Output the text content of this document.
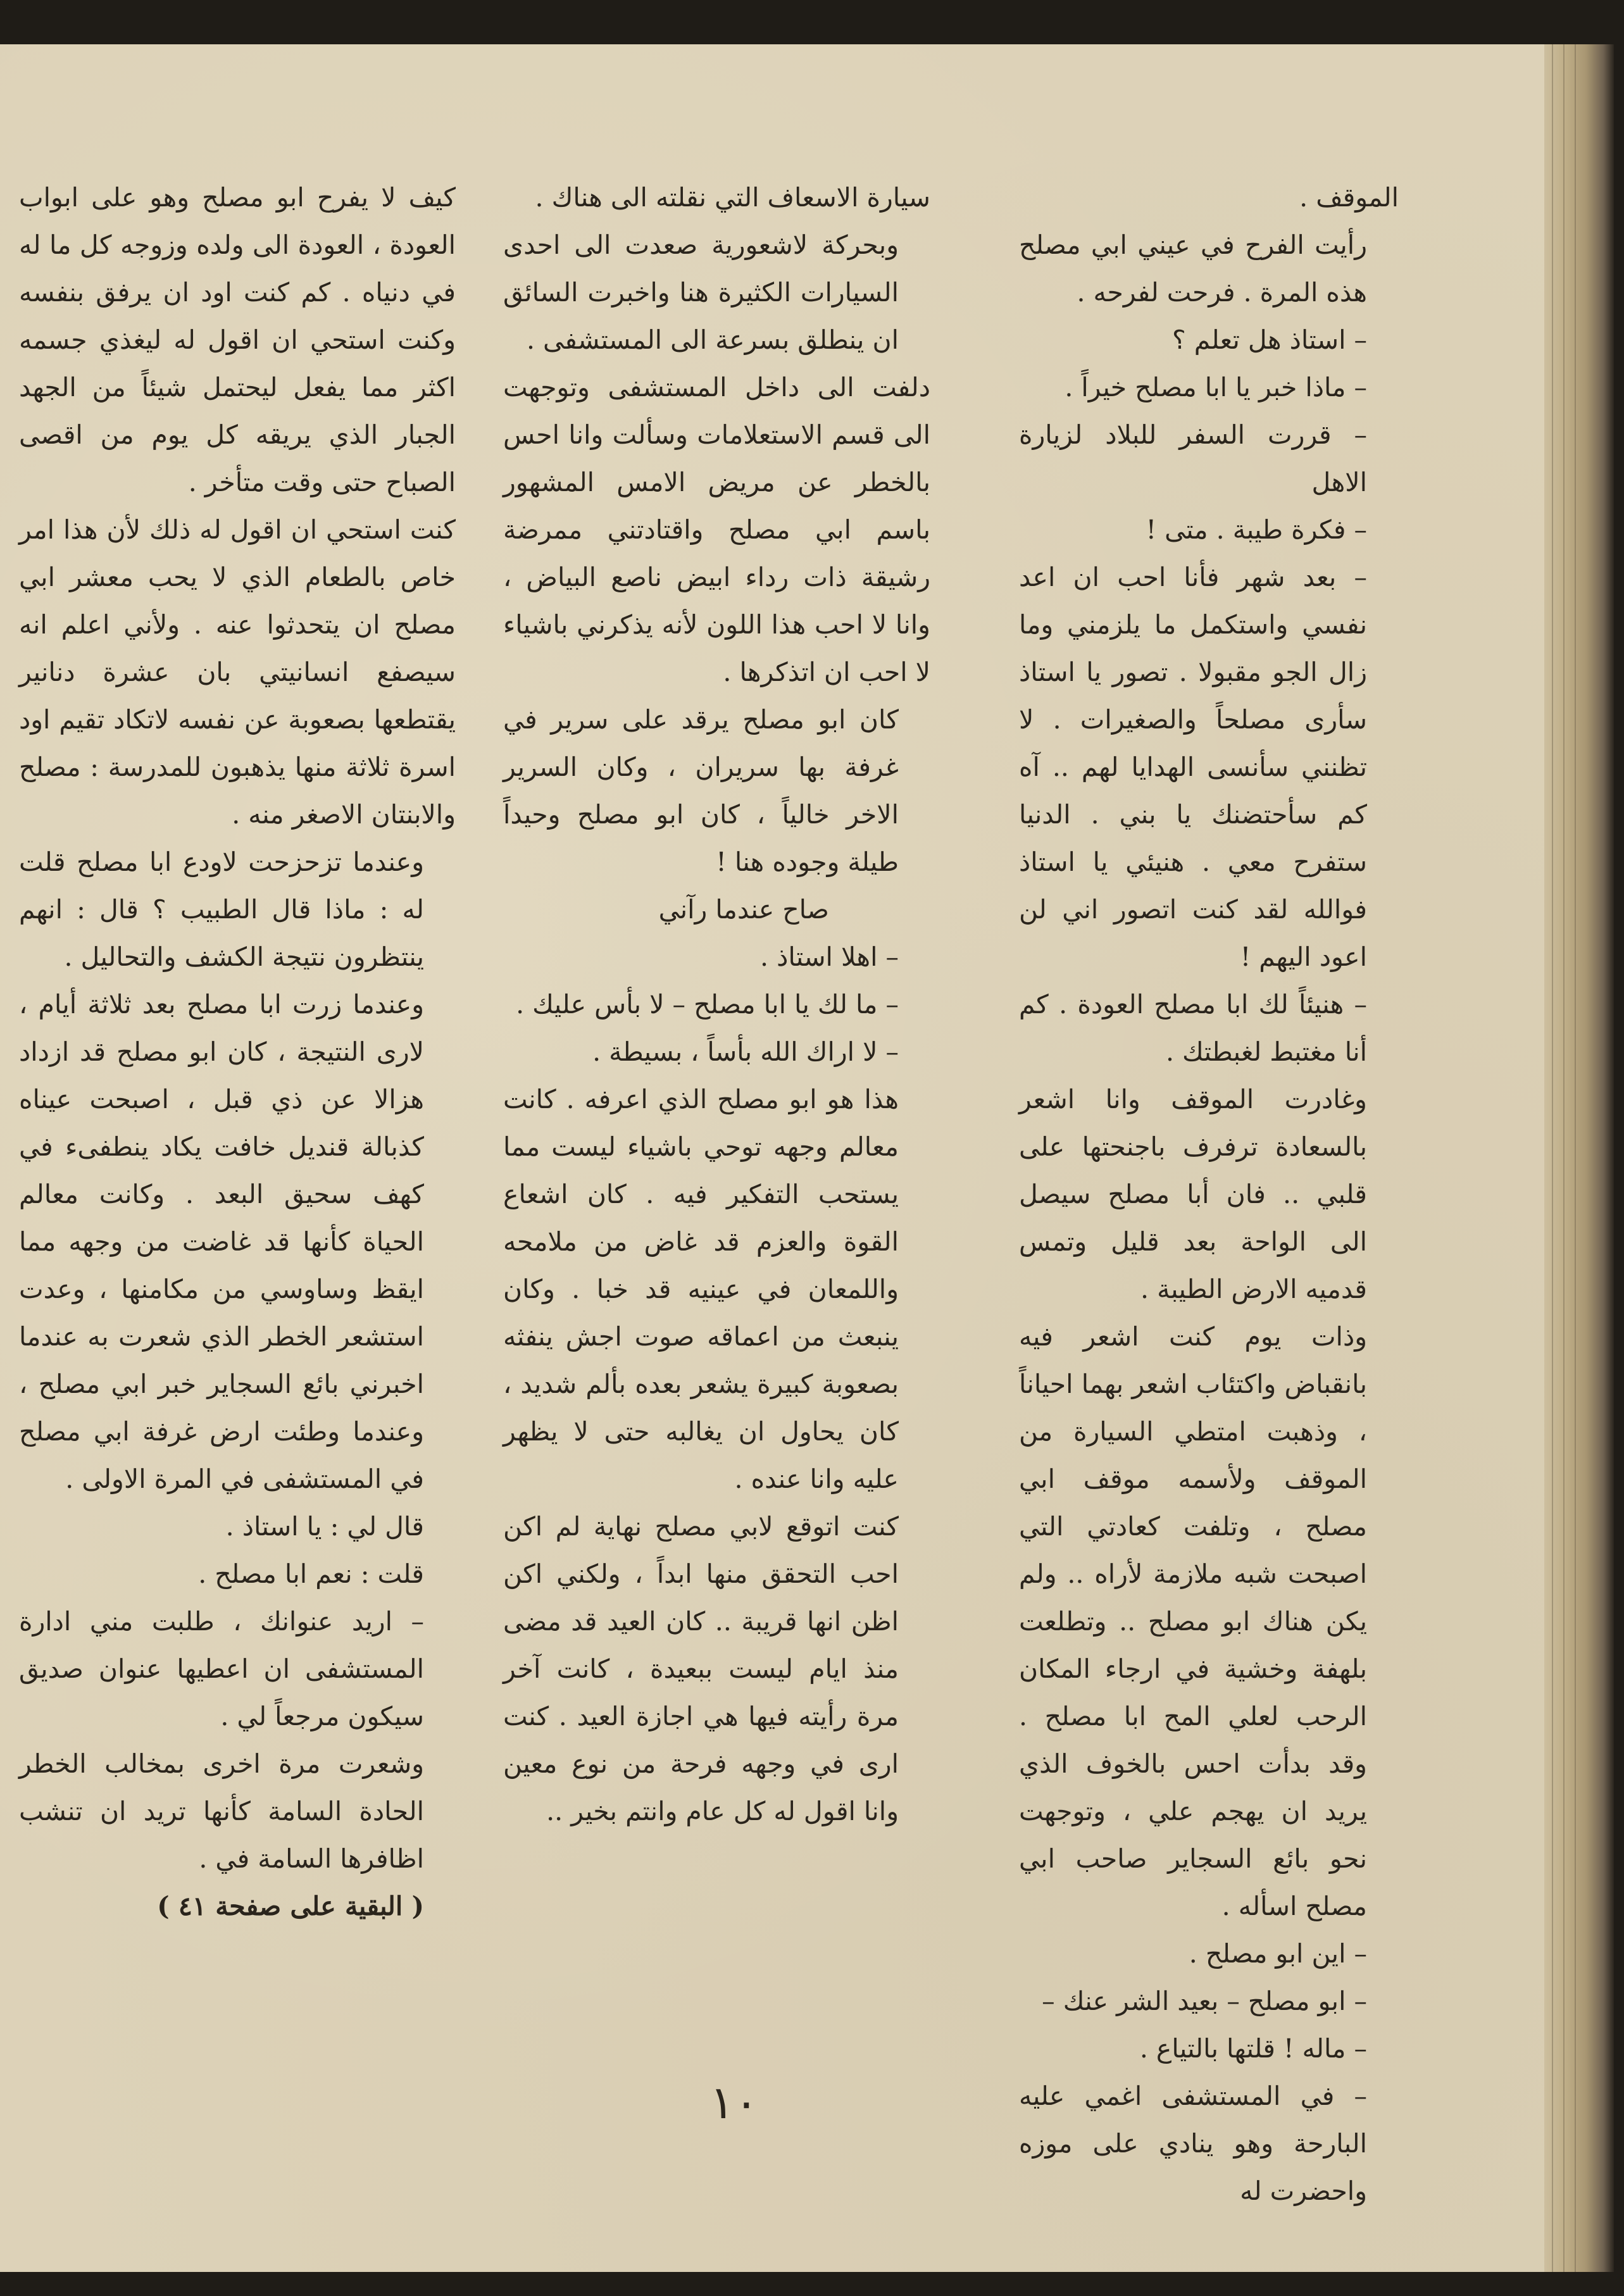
الموقف .

رأيت الفرح في عيني ابي مصلح هذه المرة . فرحت لفرحه .

– استاذ هل تعلم ؟

– ماذا خبر يا ابا مصلح خيراً .

– قررت السفر للبلاد لزيارة الاهل

– فكرة طيبة . متى !

– بعد شهر فأنا احب ان اعد نفسي واستكمل ما يلزمني وما زال الجو مقبولا . تصور يا استاذ سأرى مصلحاً والصغيرات . لا تظنني سأنسى الهدايا لهم .. آه كم سأحتضنك يا بني . الدنيا ستفرح معي . هنيئي يا استاذ فوالله لقد كنت اتصور اني لن اعود اليهم !

– هنيئاً لك ابا مصلح العودة . كم أنا مغتبط لغبطتك .

وغادرت الموقف وانا اشعر بالسعادة ترفرف باجنحتها على قلبي .. فان أبا مصلح سيصل الى الواحة بعد قليل وتمس قدميه الارض الطيبة .

وذات يوم كنت اشعر فيه بانقباض واكتئاب اشعر بهما احياناً ، وذهبت امتطي السيارة من الموقف ولأسمه موقف ابي مصلح ، وتلفت كعادتي التي اصبحت شبه ملازمة لأراه .. ولم يكن هناك ابو مصلح .. وتطلعت بلهفة وخشية في ارجاء المكان الرحب لعلي المح ابا مصلح . وقد بدأت احس بالخوف الذي يريد ان يهجم علي ، وتوجهت نحو بائع السجاير صاحب ابي مصلح اسأله .

– اين ابو مصلح .

– ابو مصلح – بعيد الشر عنك –

– ماله ! قلتها بالتياع .

– في المستشفى اغمي عليه البارحة وهو ينادي على موزه واحضرت له

سيارة الاسعاف التي نقلته الى هناك .

وبحركة لاشعورية صعدت الى احدى السيارات الكثيرة هنا واخبرت السائق ان ينطلق بسرعة الى المستشفى .

دلفت الى داخل المستشفى وتوجهت الى قسم الاستعلامات وسألت وانا احس بالخطر عن مريض الامس المشهور باسم ابي مصلح واقتادتني ممرضة رشيقة ذات رداء ابيض ناصع البياض ، وانا لا احب هذا اللون لأنه يذكرني باشياء لا احب ان اتذكرها .

كان ابو مصلح يرقد على سرير في غرفة بها سريران ، وكان السرير الاخر خالياً ، كان ابو مصلح وحيداً طيلة وجوده هنا !

صاح عندما رآني

– اهلا استاذ .

– ما لك يا ابا مصلح – لا بأس عليك .

– لا اراك الله بأساً ، بسيطة .

هذا هو ابو مصلح الذي اعرفه . كانت معالم وجهه توحي باشياء ليست مما يستحب التفكير فيه . كان اشعاع القوة والعزم قد غاض من ملامحه واللمعان في عينيه قد خبا . وكان ينبعث من اعماقه صوت اجش ينفثه بصعوبة كبيرة يشعر بعده بألم شديد ، كان يحاول ان يغالبه حتى لا يظهر عليه وانا عنده .

كنت اتوقع لابي مصلح نهاية لم اكن احب التحقق منها ابداً ، ولكني اكن اظن انها قريبة .. كان العيد قد مضى منذ ايام ليست ببعيدة ، كانت آخر مرة رأيته فيها هي اجازة العيد . كنت ارى في وجهه فرحة من نوع معين وانا اقول له كل عام وانتم بخير ..

كيف لا يفرح ابو مصلح وهو على ابواب العودة ، العودة الى ولده وزوجه كل ما له في دنياه . كم كنت اود ان يرفق بنفسه وكنت استحي ان اقول له ليغذي جسمه اكثر مما يفعل ليحتمل شيئاً من الجهد الجبار الذي يريقه كل يوم من اقصى الصباح حتى وقت متأخر .

كنت استحي ان اقول له ذلك لأن هذا امر خاص بالطعام الذي لا يحب معشر ابي مصلح ان يتحدثوا عنه . ولأني اعلم انه سيصفع انسانيتي بان عشرة دنانير يقتطعها بصعوبة عن نفسه لاتكاد تقيم اود اسرة ثلاثة منها يذهبون للمدرسة : مصلح والابنتان الاصغر منه .

وعندما تزحزحت لاودع ابا مصلح قلت له : ماذا قال الطبيب ؟ قال : انهم ينتظرون نتيجة الكشف والتحاليل .

وعندما زرت ابا مصلح بعد ثلاثة أيام ، لارى النتيجة ، كان ابو مصلح قد ازداد هزالا عن ذي قبل ، اصبحت عيناه كذبالة قنديل خافت يكاد ينطفىء في كهف سحيق البعد . وكانت معالم الحياة كأنها قد غاضت من وجهه مما ايقظ وساوسي من مكامنها ، وعدت استشعر الخطر الذي شعرت به عندما اخبرني بائع السجاير خبر ابي مصلح ، وعندما وطئت ارض غرفة ابي مصلح في المستشفى في المرة الاولى .

قال لي : يا استاذ .

قلت : نعم ابا مصلح .

– اريد عنوانك ، طلبت مني ادارة المستشفى ان اعطيها عنوان صديق سيكون مرجعاً لي .

وشعرت مرة اخرى بمخالب الخطر الحادة السامة كأنها تريد ان تنشب اظافرها السامة في .

( البقية على صفحة ٤١ )

١٠
